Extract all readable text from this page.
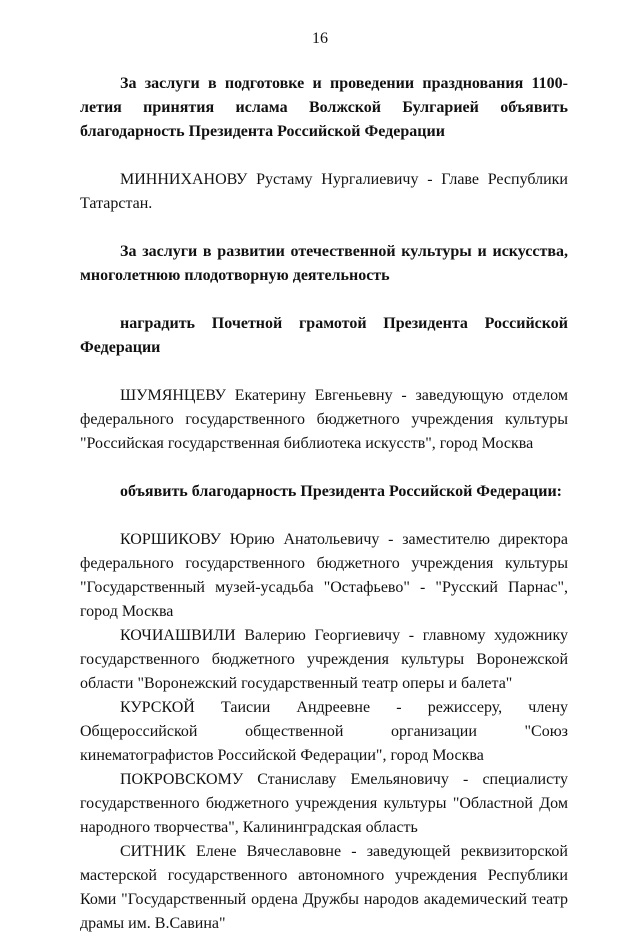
16

За заслуги в подготовке и проведении празднования 1100-летия принятия ислама Волжской Булгарией объявить благодарность Президента Российской Федерации

МИННИХАНОВУ Рустаму Нургалиевичу - Главе Республики Татарстан.

За заслуги в развитии отечественной культуры и искусства, многолетнюю плодотворную деятельность

наградить Почетной грамотой Президента Российской Федерации

ШУМЯНЦЕВУ Екатерину Евгеньевну - заведующую отделом федерального государственного бюджетного учреждения культуры "Российская государственная библиотека искусств", город Москва

объявить благодарность Президента Российской Федерации:

КОРШИКОВУ Юрию Анатольевичу - заместителю директора федерального государственного бюджетного учреждения культуры "Государственный музей-усадьба "Остафьево" - "Русский Парнас", город Москва

КОЧИАШВИЛИ Валерию Георгиевичу - главному художнику государственного бюджетного учреждения культуры Воронежской области "Воронежский государственный театр оперы и балета"

КУРСКОЙ Таисии Андреевне - режиссеру, члену Общероссийской общественной организации "Союз кинематографистов Российской Федерации", город Москва

ПОКРОВСКОМУ Станиславу Емельяновичу - специалисту государственного бюджетного учреждения культуры "Областной Дом народного творчества", Калининградская область

СИТНИК Елене Вячеславовне - заведующей реквизиторской мастерской государственного автономного учреждения Республики Коми "Государственный ордена Дружбы народов академический театр драмы им. В.Савина"
